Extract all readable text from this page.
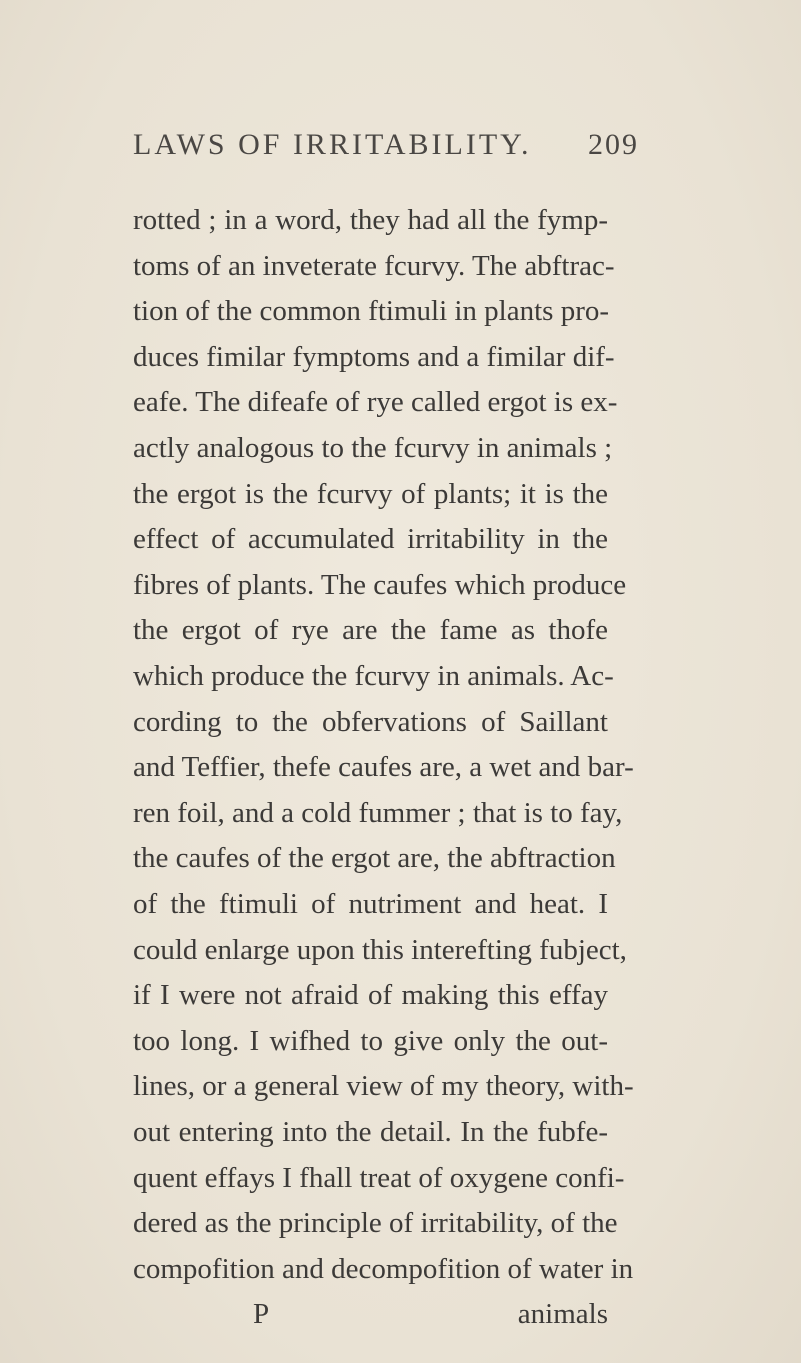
LAWS OF IRRITABILITY. 209
rotted ; in a word, they had all the fymp-
toms of an inveterate fcurvy. The abftrac-
tion of the common ftimuli in plants pro-
duces fimilar fymptoms and a fimilar dif-
eafe. The difeafe of rye called ergot is ex-
actly analogous to the fcurvy in animals ;
the ergot is the fcurvy of plants; it is the
effect of accumulated irritability in the
fibres of plants. The caufes which produce
the ergot of rye are the fame as thofe
which produce the fcurvy in animals. Ac-
cording to the obfervations of Saillant
and Teffier, thefe caufes are, a wet and bar-
ren foil, and a cold fummer ; that is to fay,
the caufes of the ergot are, the abftraction
of the ftimuli of nutriment and heat. I
could enlarge upon this interefting fubject,
if I were not afraid of making this effay
too long. I wifhed to give only the out-
lines, or a general view of my theory, with-
out entering into the detail. In the fubfe-
quent effays I fhall treat of oxygene confi-
dered as the principle of irritability, of the
compofition and decompofition of water in
P	animals
